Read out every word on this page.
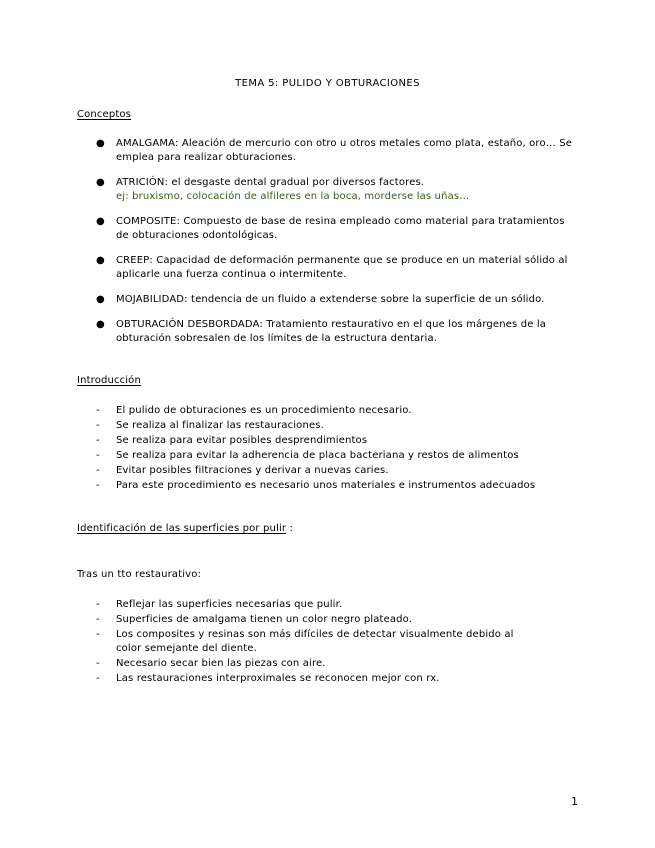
TEMA 5: PULIDO Y OBTURACIONES
Conceptos
● AMALGAMA: Aleación de mercurio con otro u otros metales como plata, estaño, oro… Se emplea para realizar obturaciones.
● ATRICIÓN: el desgaste dental gradual por diversos factores.
ej: bruxismo, colocación de alfileres en la boca, morderse las uñas…
● COMPOSITE: Compuesto de base de resina empleado como material para tratamientos de obturaciones odontológicas.
● CREEP: Capacidad de deformación permanente que se produce en un material sólido al aplicarle una fuerza continua o intermitente.
● MOJABILIDAD: tendencia de un fluido a extenderse sobre la superficie de un sólido.
● OBTURACIÓN DESBORDADA: Tratamiento restaurativo en el que los márgenes de la obturación sobresalen de los límites de la estructura dentaria.
Introducción
- El pulido de obturaciones es un procedimiento necesario.
- Se realiza al finalizar las restauraciones.
- Se realiza para evitar posibles desprendimientos
- Se realiza para evitar la adherencia de placa bacteriana y restos de alimentos
- Evitar posibles filtraciones y derivar a nuevas caries.
- Para este procedimiento es necesario unos materiales e instrumentos adecuados
Identificación de las superficies por pulir :
Tras un tto restaurativo:
- Reflejar las superficies necesarias que pulir.
- Superficies de amalgama tienen un color negro plateado.
- Los composites y resinas son más difíciles de detectar visualmente debido al color semejante del diente.
- Necesario secar bien las piezas con aire.
- Las restauraciones interproximales se reconocen mejor con rx.
1
